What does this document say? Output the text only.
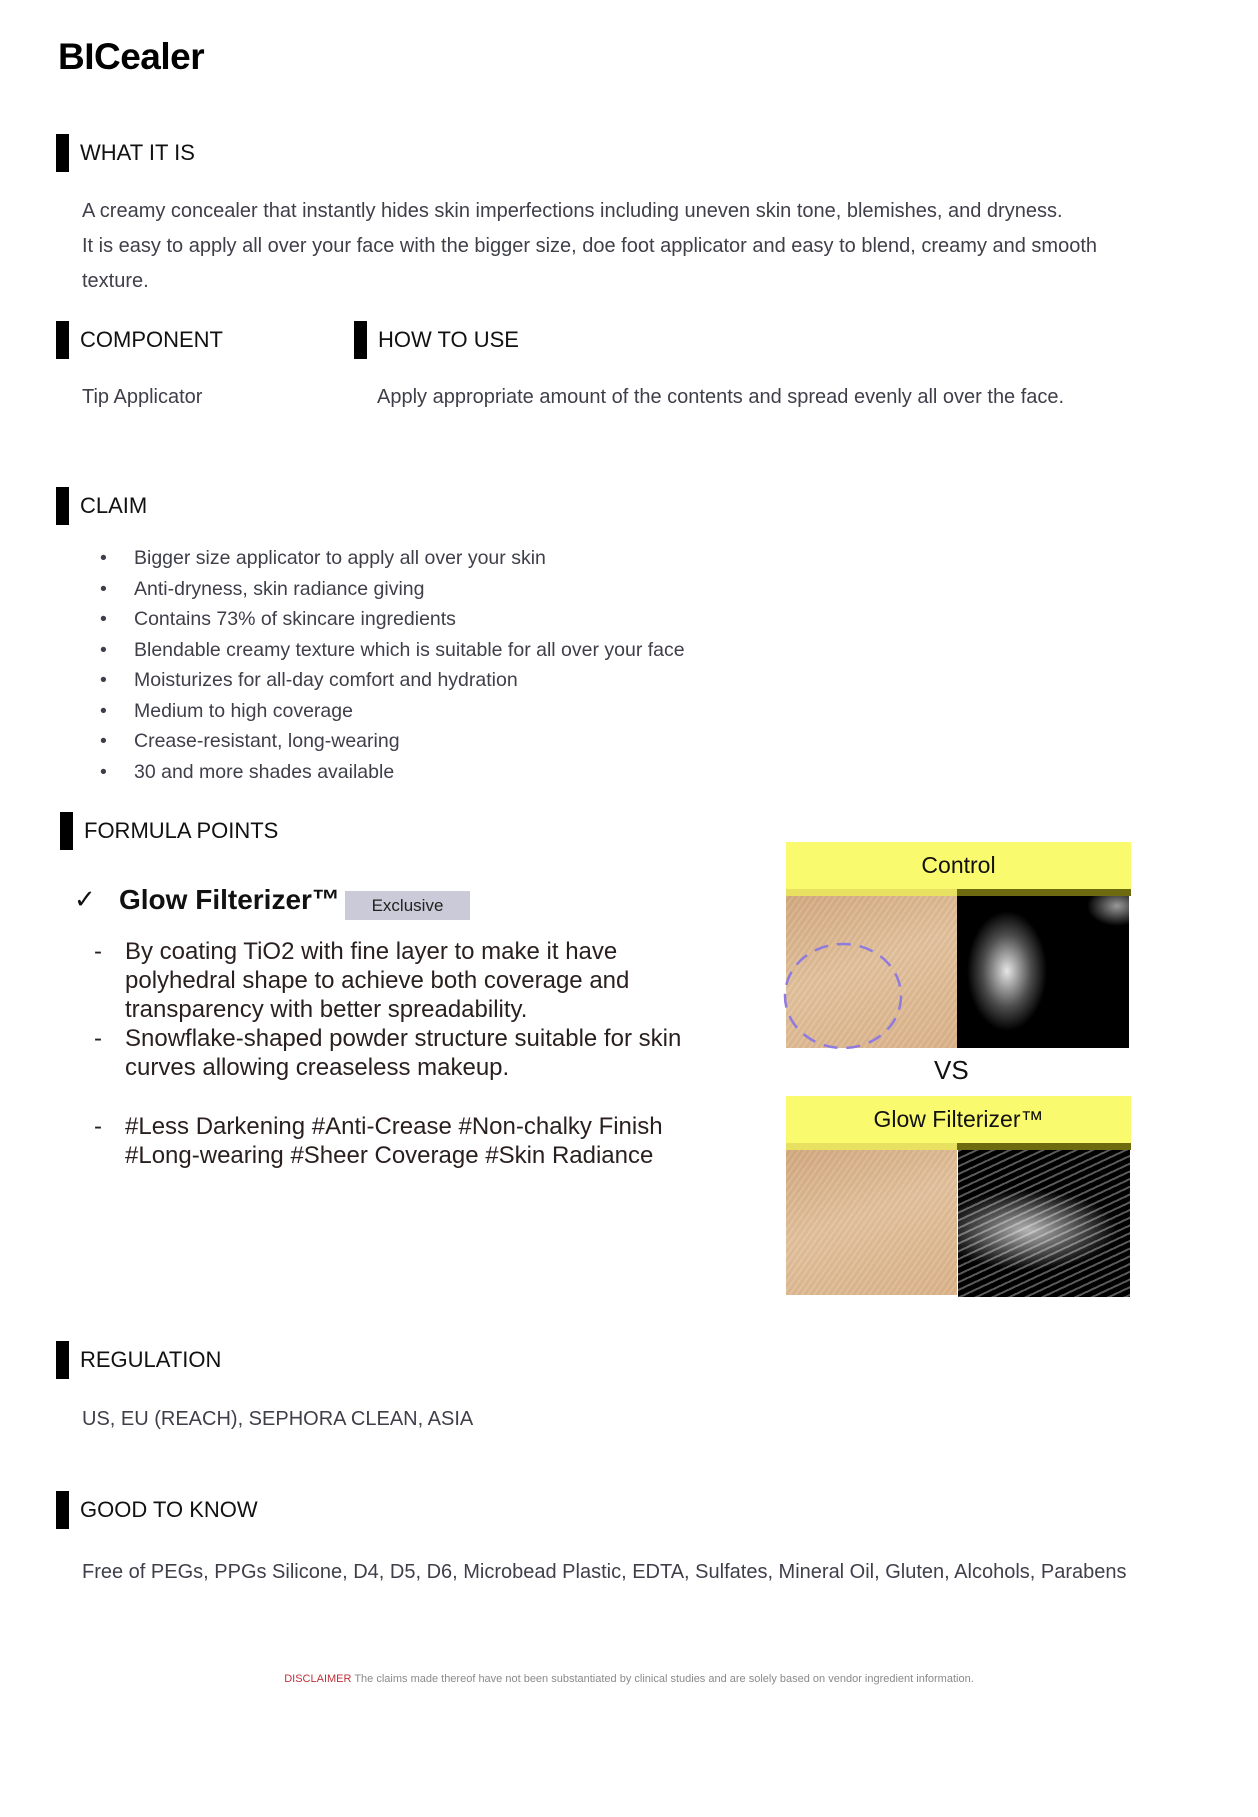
BICealer
WHAT IT IS
A creamy concealer that instantly hides skin imperfections including uneven skin tone, blemishes, and dryness.
It is easy to apply all over your face with the bigger size, doe foot applicator and easy to blend, creamy and smooth
texture.
COMPONENT
Tip Applicator
HOW TO USE
Apply appropriate amount of the contents and spread evenly all over the face.
CLAIM
•	Bigger size applicator to apply all over your skin
•	Anti-dryness, skin radiance giving
•	Contains 73% of skincare ingredients
•	Blendable creamy texture which is suitable for all over your face
•	Moisturizes for all-day comfort and hydration
•	Medium to high coverage
•	Crease-resistant, long-wearing
•	30 and more shades available
FORMULA POINTS
✓ Glow Filterizer™	Exclusive
- By coating TiO2 with fine layer to make it have
polyhedral shape to achieve both coverage and
transparency with better spreadability.
- Snowflake-shaped powder structure suitable for skin
curves allowing creaseless makeup.
- #Less Darkening #Anti-Crease #Non-chalky Finish
#Long-wearing #Sheer Coverage #Skin Radiance
Control
VS
Glow Filterizer™
REGULATION
US, EU (REACH), SEPHORA CLEAN, ASIA
GOOD TO KNOW
Free of PEGs, PPGs Silicone, D4, D5, D6, Microbead Plastic, EDTA, Sulfates, Mineral Oil, Gluten, Alcohols, Parabens
DISCLAIMER The claims made thereof have not been substantiated by clinical studies and are solely based on vendor ingredient information.
